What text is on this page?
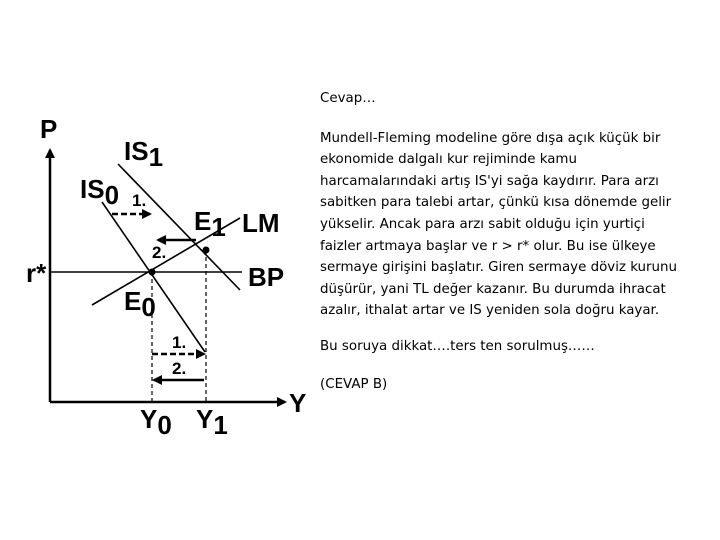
P
Y
r*
IS1
IS0
LM
BP
E1
E0
Y0 Y1
1.
2.
1.
2.

Cevap…

Mundell-Fleming modeline göre dışa açık küçük bir ekonomide dalgalı kur rejiminde kamu harcamalarındaki artış IS'yi sağa kaydırır. Para arzı sabitken para talebi artar, çünkü kısa dönemde gelir yükselir. Ancak para arzı sabit olduğu için yurtiçi faizler artmaya başlar ve r > r* olur. Bu ise ülkeye sermaye girişini başlatır. Giren sermaye döviz kurunu düşürür, yani TL değer kazanır. Bu durumda ihracat azalır, ithalat artar ve IS yeniden sola doğru kayar.

Bu soruya dikkat….ters ten sorulmuş……

(CEVAP B)
